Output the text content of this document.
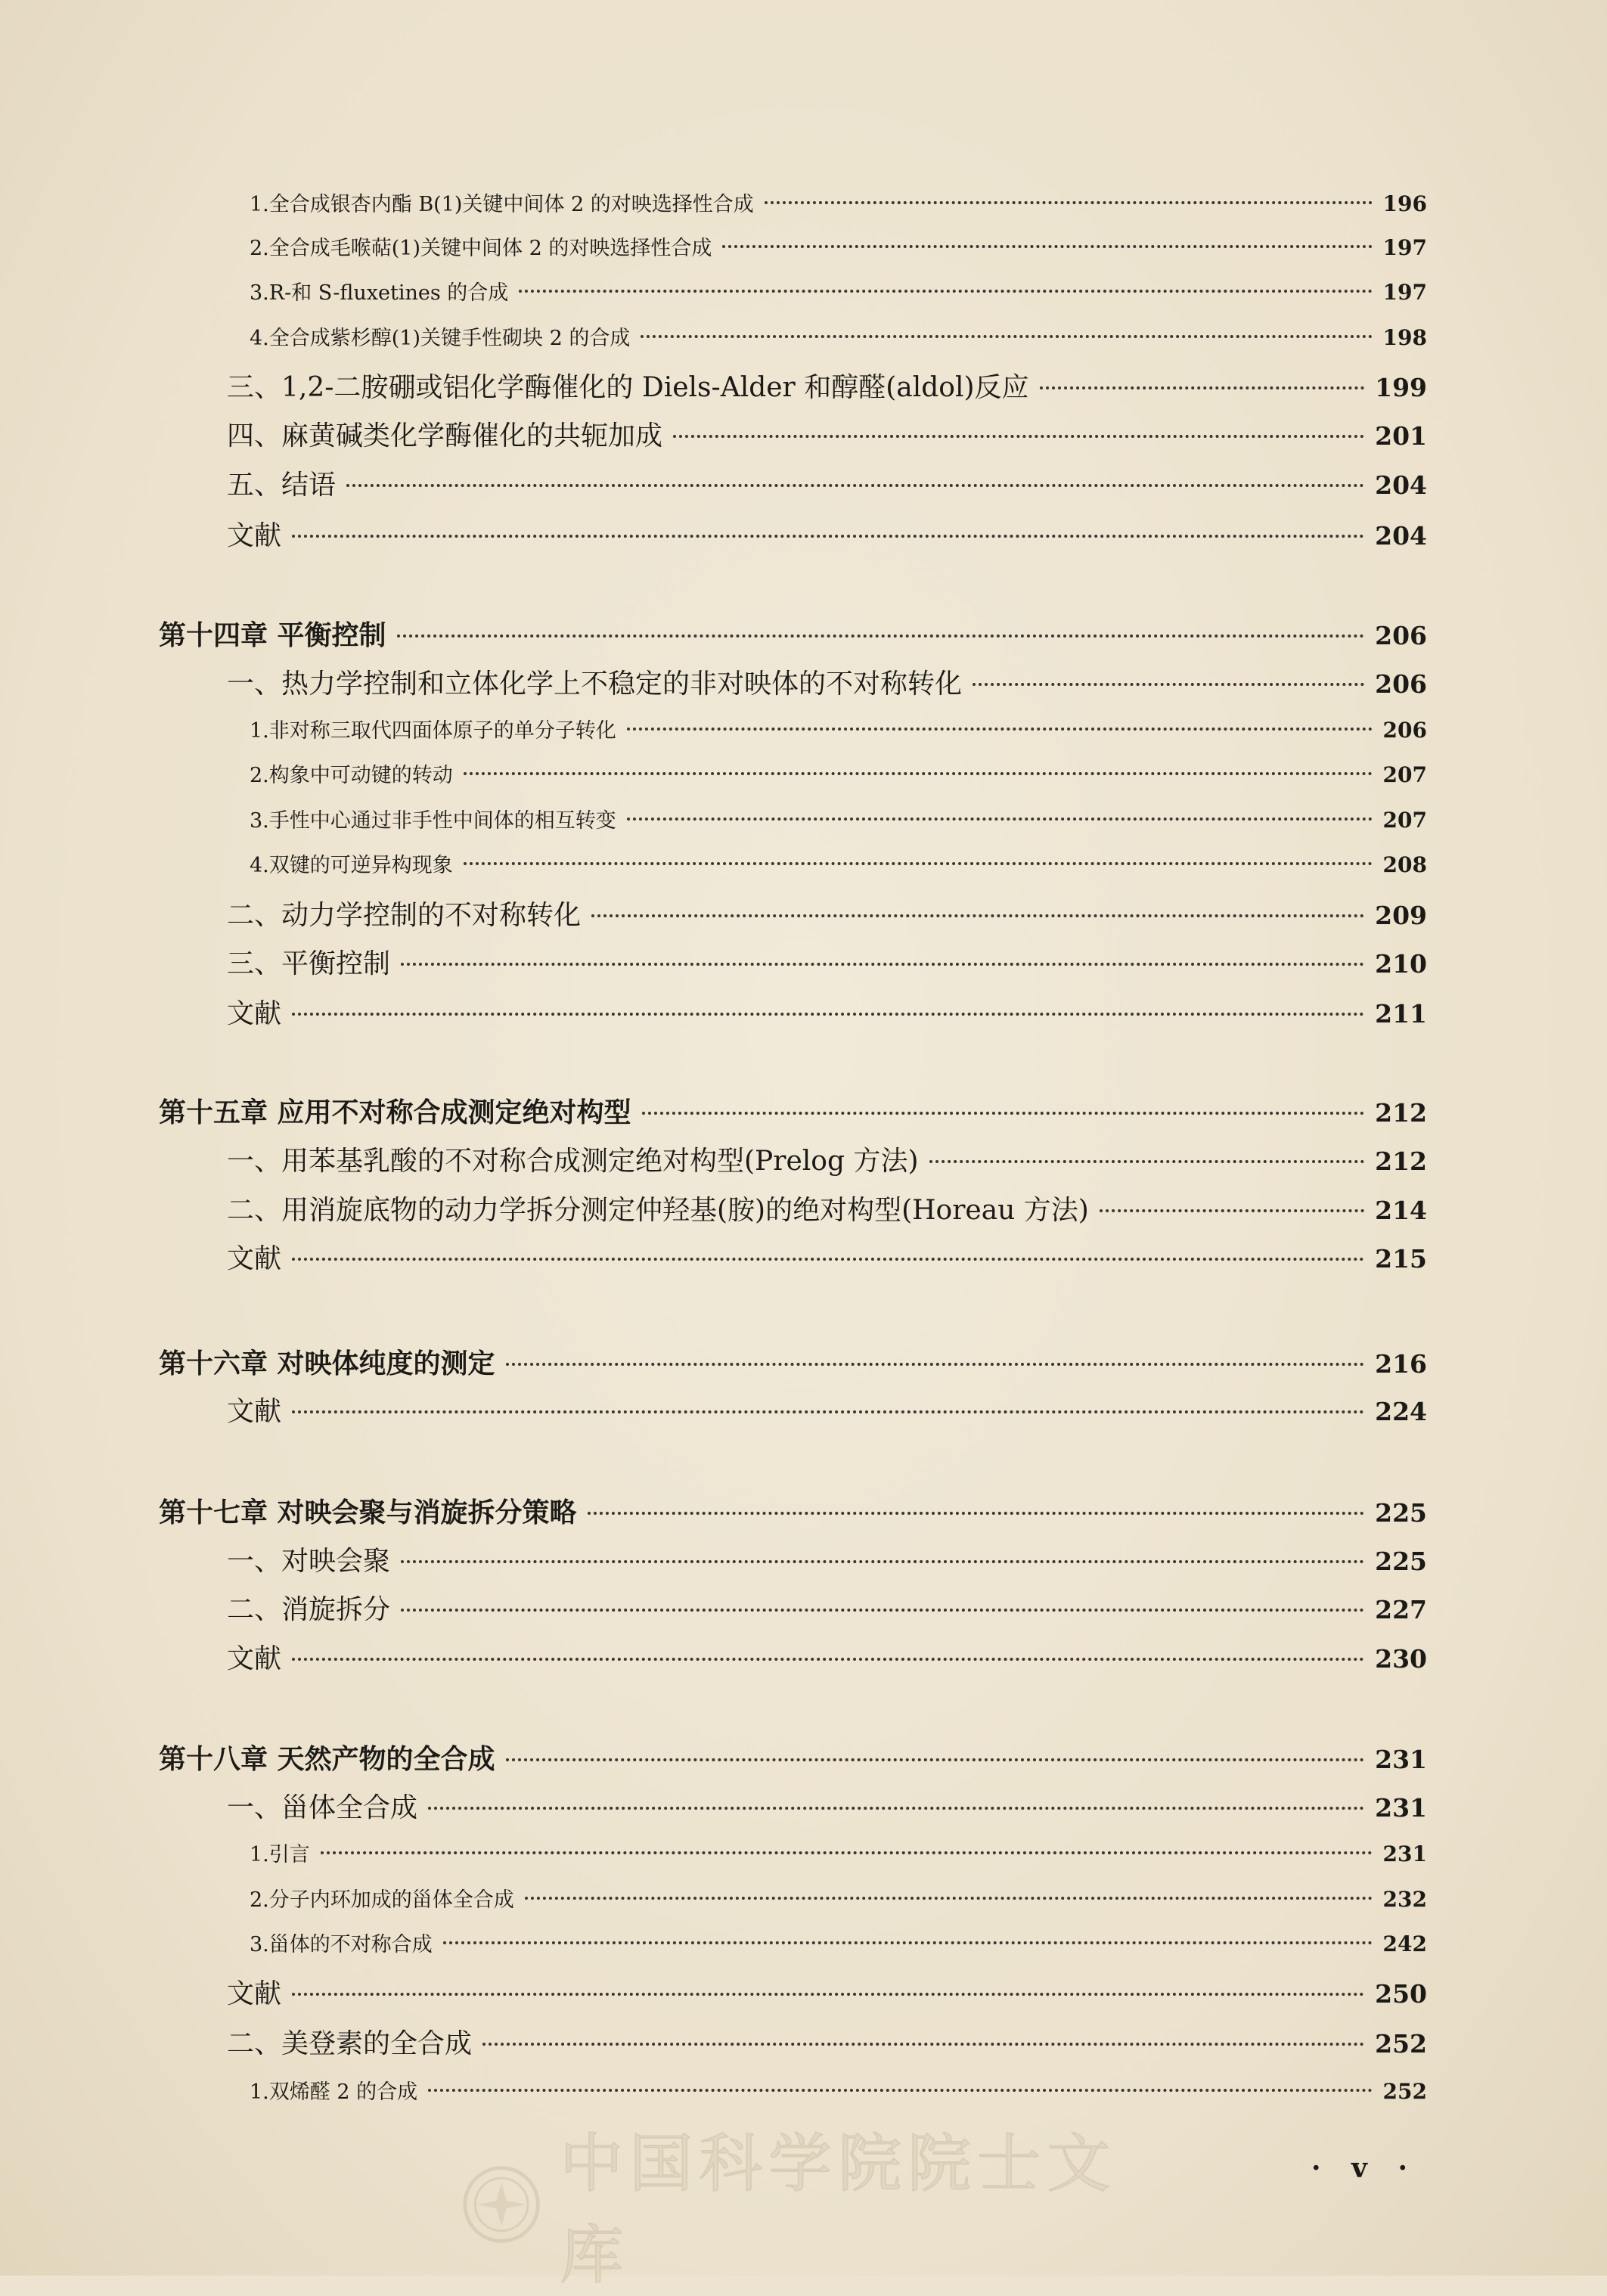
1.全合成银杏内酯 B(1)关键中间体 2 的对映选择性合成	196
2.全合成毛喉萜(1)关键中间体 2 的对映选择性合成	197
3.R-和 S-fluxetines 的合成	197
4.全合成紫杉醇(1)关键手性砌块 2 的合成	198
三、1,2-二胺硼或铝化学酶催化的 Diels-Alder 和醇醛(aldol)反应	199
四、麻黄碱类化学酶催化的共轭加成	201
五、结语	204
文献	204
第十四章 平衡控制	206
一、热力学控制和立体化学上不稳定的非对映体的不对称转化	206
1.非对称三取代四面体原子的单分子转化	206
2.构象中可动键的转动	207
3.手性中心通过非手性中间体的相互转变	207
4.双键的可逆异构现象	208
二、动力学控制的不对称转化	209
三、平衡控制	210
文献	211
第十五章 应用不对称合成测定绝对构型	212
一、用苯基乳酸的不对称合成测定绝对构型(Prelog 方法)	212
二、用消旋底物的动力学拆分测定仲羟基(胺)的绝对构型(Horeau 方法)	214
文献	215
第十六章 对映体纯度的测定	216
文献	224
第十七章 对映会聚与消旋拆分策略	225
一、对映会聚	225
二、消旋拆分	227
文献	230
第十八章 天然产物的全合成	231
一、甾体全合成	231
1.引言	231
2.分子内环加成的甾体全合成	232
3.甾体的不对称合成	242
文献	250
二、美登素的全合成	252
1.双烯醛 2 的合成	252
· v ·
中国科学院院士文库
